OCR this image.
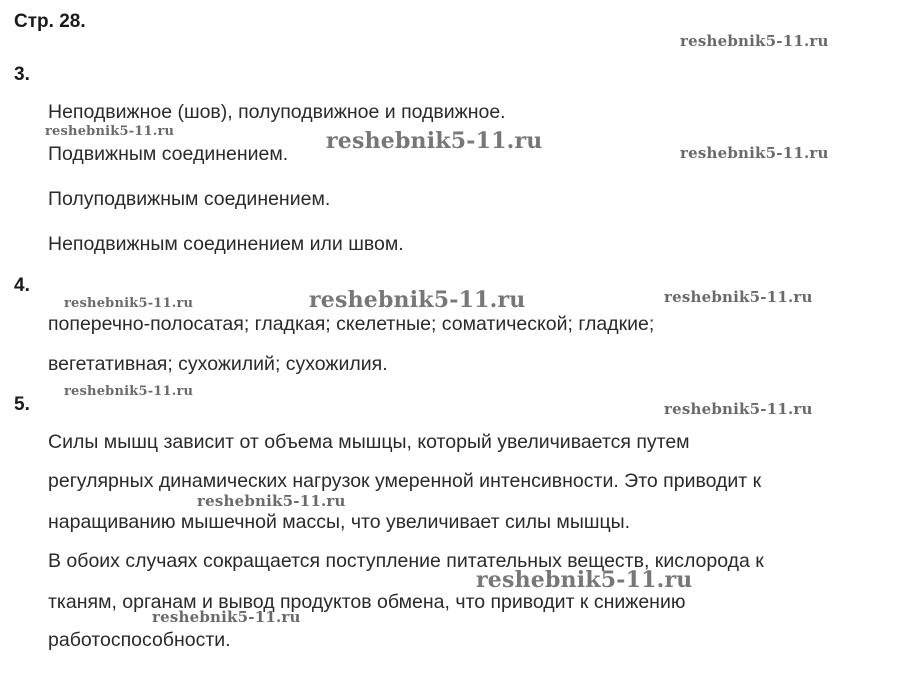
Стр. 28.
3.
Неподвижное (шов), полуподвижное и подвижное.
Подвижным соединением.
Полуподвижным соединением.
Неподвижным соединением или швом.
4.
поперечно-полосатая; гладкая; скелетные; соматической; гладкие;
вегетативная; сухожилий; сухожилия.
5.
Силы мышц зависит от объема мышцы, который увеличивается путем
регулярных динамических нагрузок умеренной интенсивности. Это приводит к
наращиванию мышечной массы, что увеличивает силы мышцы.
В обоих случаях сокращается поступление питательных веществ, кислорода к
тканям, органам и вывод продуктов обмена, что приводит к снижению
работоспособности.
reshebnik5-11.ru
reshebnik5-11.ru	reshebnik5-11.ru	reshebnik5-11.ru
reshebnik5-11.ru	reshebnik5-11.ru	reshebnik5-11.ru
reshebnik5-11.ru
reshebnik5-11.ru
reshebnik5-11.ru
reshebnik5-11.ru
reshebnik5-11.ru
